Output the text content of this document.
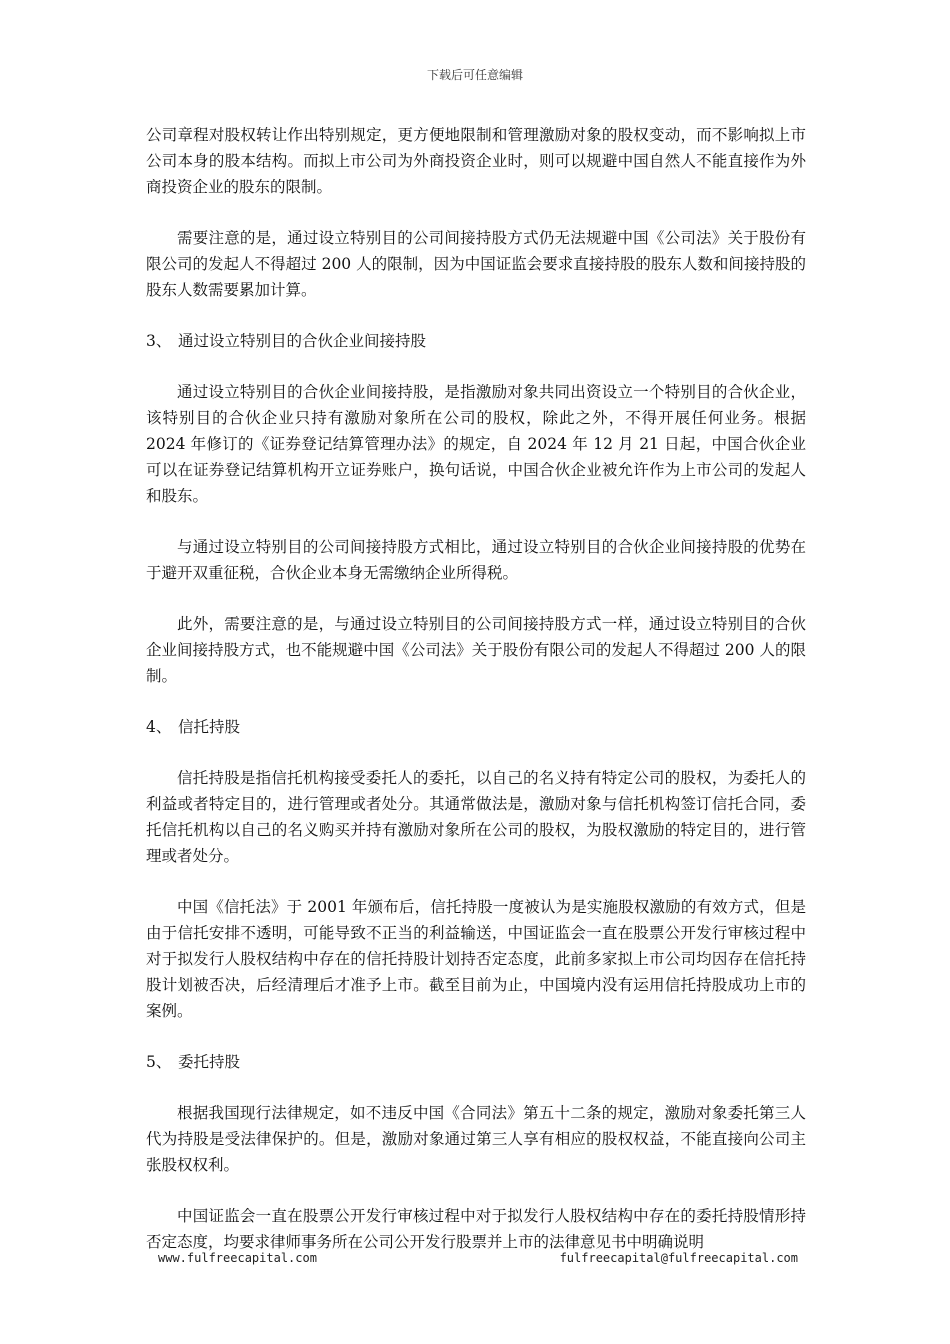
下载后可任意编辑

公司章程对股权转让作出特别规定，更方便地限制和管理激励对象的股权变动，而不影响拟上市公司本身的股本结构。而拟上市公司为外商投资企业时，则可以规避中国自然人不能直接作为外商投资企业的股东的限制。

需要注意的是，通过设立特别目的公司间接持股方式仍无法规避中国《公司法》关于股份有限公司的发起人不得超过 200 人的限制，因为中国证监会要求直接持股的股东人数和间接持股的股东人数需要累加计算。

3、 通过设立特别目的合伙企业间接持股

通过设立特别目的合伙企业间接持股，是指激励对象共同出资设立一个特别目的合伙企业，该特别目的合伙企业只持有激励对象所在公司的股权，除此之外，不得开展任何业务。根据 2024 年修订的《证券登记结算管理办法》的规定，自 2024 年 12 月 21 日起，中国合伙企业可以在证券登记结算机构开立证券账户，换句话说，中国合伙企业被允许作为上市公司的发起人和股东。

与通过设立特别目的公司间接持股方式相比，通过设立特别目的合伙企业间接持股的优势在于避开双重征税，合伙企业本身无需缴纳企业所得税。

此外，需要注意的是，与通过设立特别目的公司间接持股方式一样，通过设立特别目的合伙企业间接持股方式，也不能规避中国《公司法》关于股份有限公司的发起人不得超过 200 人的限制。

4、 信托持股

信托持股是指信托机构接受委托人的委托，以自己的名义持有特定公司的股权，为委托人的利益或者特定目的，进行管理或者处分。其通常做法是，激励对象与信托机构签订信托合同，委托信托机构以自己的名义购买并持有激励对象所在公司的股权，为股权激励的特定目的，进行管理或者处分。

中国《信托法》于 2001 年颁布后，信托持股一度被认为是实施股权激励的有效方式，但是由于信托安排不透明，可能导致不正当的利益输送，中国证监会一直在股票公开发行审核过程中对于拟发行人股权结构中存在的信托持股计划持否定态度，此前多家拟上市公司均因存在信托持股计划被否决，后经清理后才准予上市。截至目前为止，中国境内没有运用信托持股成功上市的案例。

5、 委托持股

根据我国现行法律规定，如不违反中国《合同法》第五十二条的规定，激励对象委托第三人代为持股是受法律保护的。但是，激励对象通过第三人享有相应的股权权益，不能直接向公司主张股权权利。

中国证监会一直在股票公开发行审核过程中对于拟发行人股权结构中存在的委托持股情形持否定态度，均要求律师事务所在公司公开发行股票并上市的法律意见书中明确说明

www.fulfreecapital.com	fulfreecapital@fulfreecapital.com
